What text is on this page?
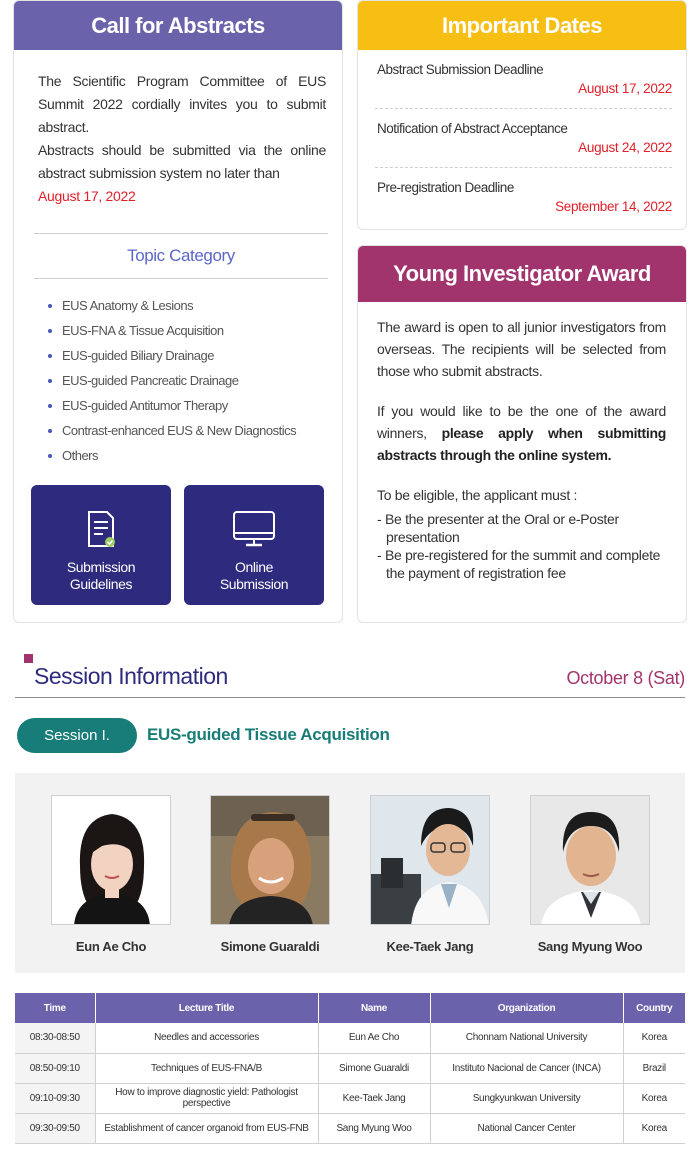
Call for Abstracts

The Scientific Program Committee of EUS Summit 2022 cordially invites you to submit abstract.

Abstracts should be submitted via the online abstract submission system no later than

August 17, 2022

Topic Category
EUS Anatomy & Lesions
EUS-FNA & Tissue Acquisition
EUS-guided Biliary Drainage
EUS-guided Pancreatic Drainage
EUS-guided Antitumor Therapy
Contrast-enhanced EUS & New Diagnostics
Others
Submission
Guidelines
Online
Submission
Important Dates
Abstract Submission Deadline
August 17, 2022
Notification of Abstract Acceptance
August 24, 2022
Pre-registration Deadline
September 14, 2022
Young Investigator Award

The award is open to all junior investigators from overseas. The recipients will be selected from those who submit abstracts.

If you would like to be the one of the award winners, please apply when submitting abstracts through the online system.

To be eligible, the applicant must :

- Be the presenter at the Oral or e-Poster presentation
- Be pre-registered for the summit and complete the payment of registration fee
Session Information	October 8 (Sat)
Session I.	EUS-guided Tissue Acquisition
Eun Ae Cho	Simone Guaraldi	Kee-Taek Jang	Sang Myung Woo
Time	Lecture Title	Name	Organization	Country
08:30-08:50	Needles and accessories	Eun Ae Cho	Chonnam National University	Korea
08:50-09:10	Techniques of EUS-FNA/B	Simone Guaraldi	Instituto Nacional de Cancer (INCA)	Brazil
09:10-09:30	How to improve diagnostic yield: Pathologist perspective	Kee-Taek Jang	Sungkyunkwan University	Korea
09:30-09:50	Establishment of cancer organoid from EUS-FNB	Sang Myung Woo	National Cancer Center	Korea
